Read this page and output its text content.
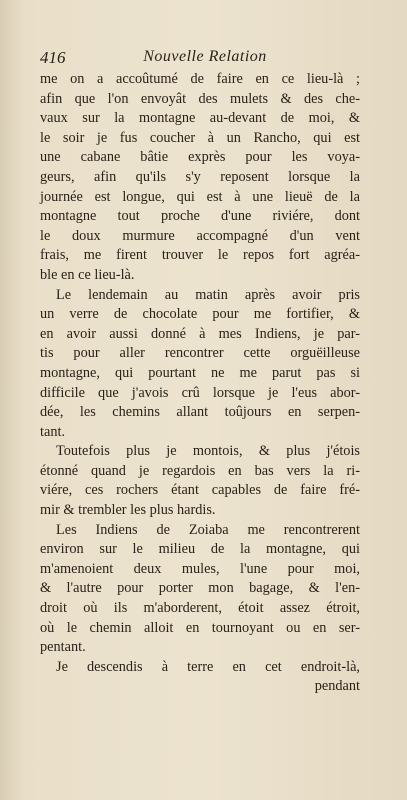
416	Nouvelle Relation
me on a accoûtumé de faire en ce lieu-là ;
afin que l'on envoyât des mulets & des che-
vaux sur la montagne au-devant de moi, &
le soir je fus coucher à un Rancho, qui est
une cabane bâtie exprès pour les voya-
geurs, afin qu'ils s'y reposent lorsque la
journée est longue, qui est à une lieuë de la
montagne tout proche d'une riviére, dont
le doux murmure accompagné d'un vent
frais, me firent trouver le repos fort agréa-
ble en ce lieu-là.
Le lendemain au matin après avoir pris
un verre de chocolate pour me fortifier, &
en avoir aussi donné à mes Indiens, je par-
tis pour aller rencontrer cette orguëilleuse
montagne, qui pourtant ne me parut pas si
difficile que j'avois crû lorsque je l'eus abor-
dée, les chemins allant toûjours en serpen-
tant.
Toutefois plus je montois, & plus j'étois
étonné quand je regardois en bas vers la ri-
viére, ces rochers étant capables de faire fré-
mir & trembler les plus hardis.
Les Indiens de Zoiaba me rencontrerent
environ sur le milieu de la montagne, qui
m'amenoient deux mules, l'une pour moi,
& l'autre pour porter mon bagage, & l'en-
droit où ils m'aborderent, étoit assez étroit,
où le chemin alloit en tournoyant ou en ser-
pentant.
Je descendis à terre en cet endroit-là,
pendant
